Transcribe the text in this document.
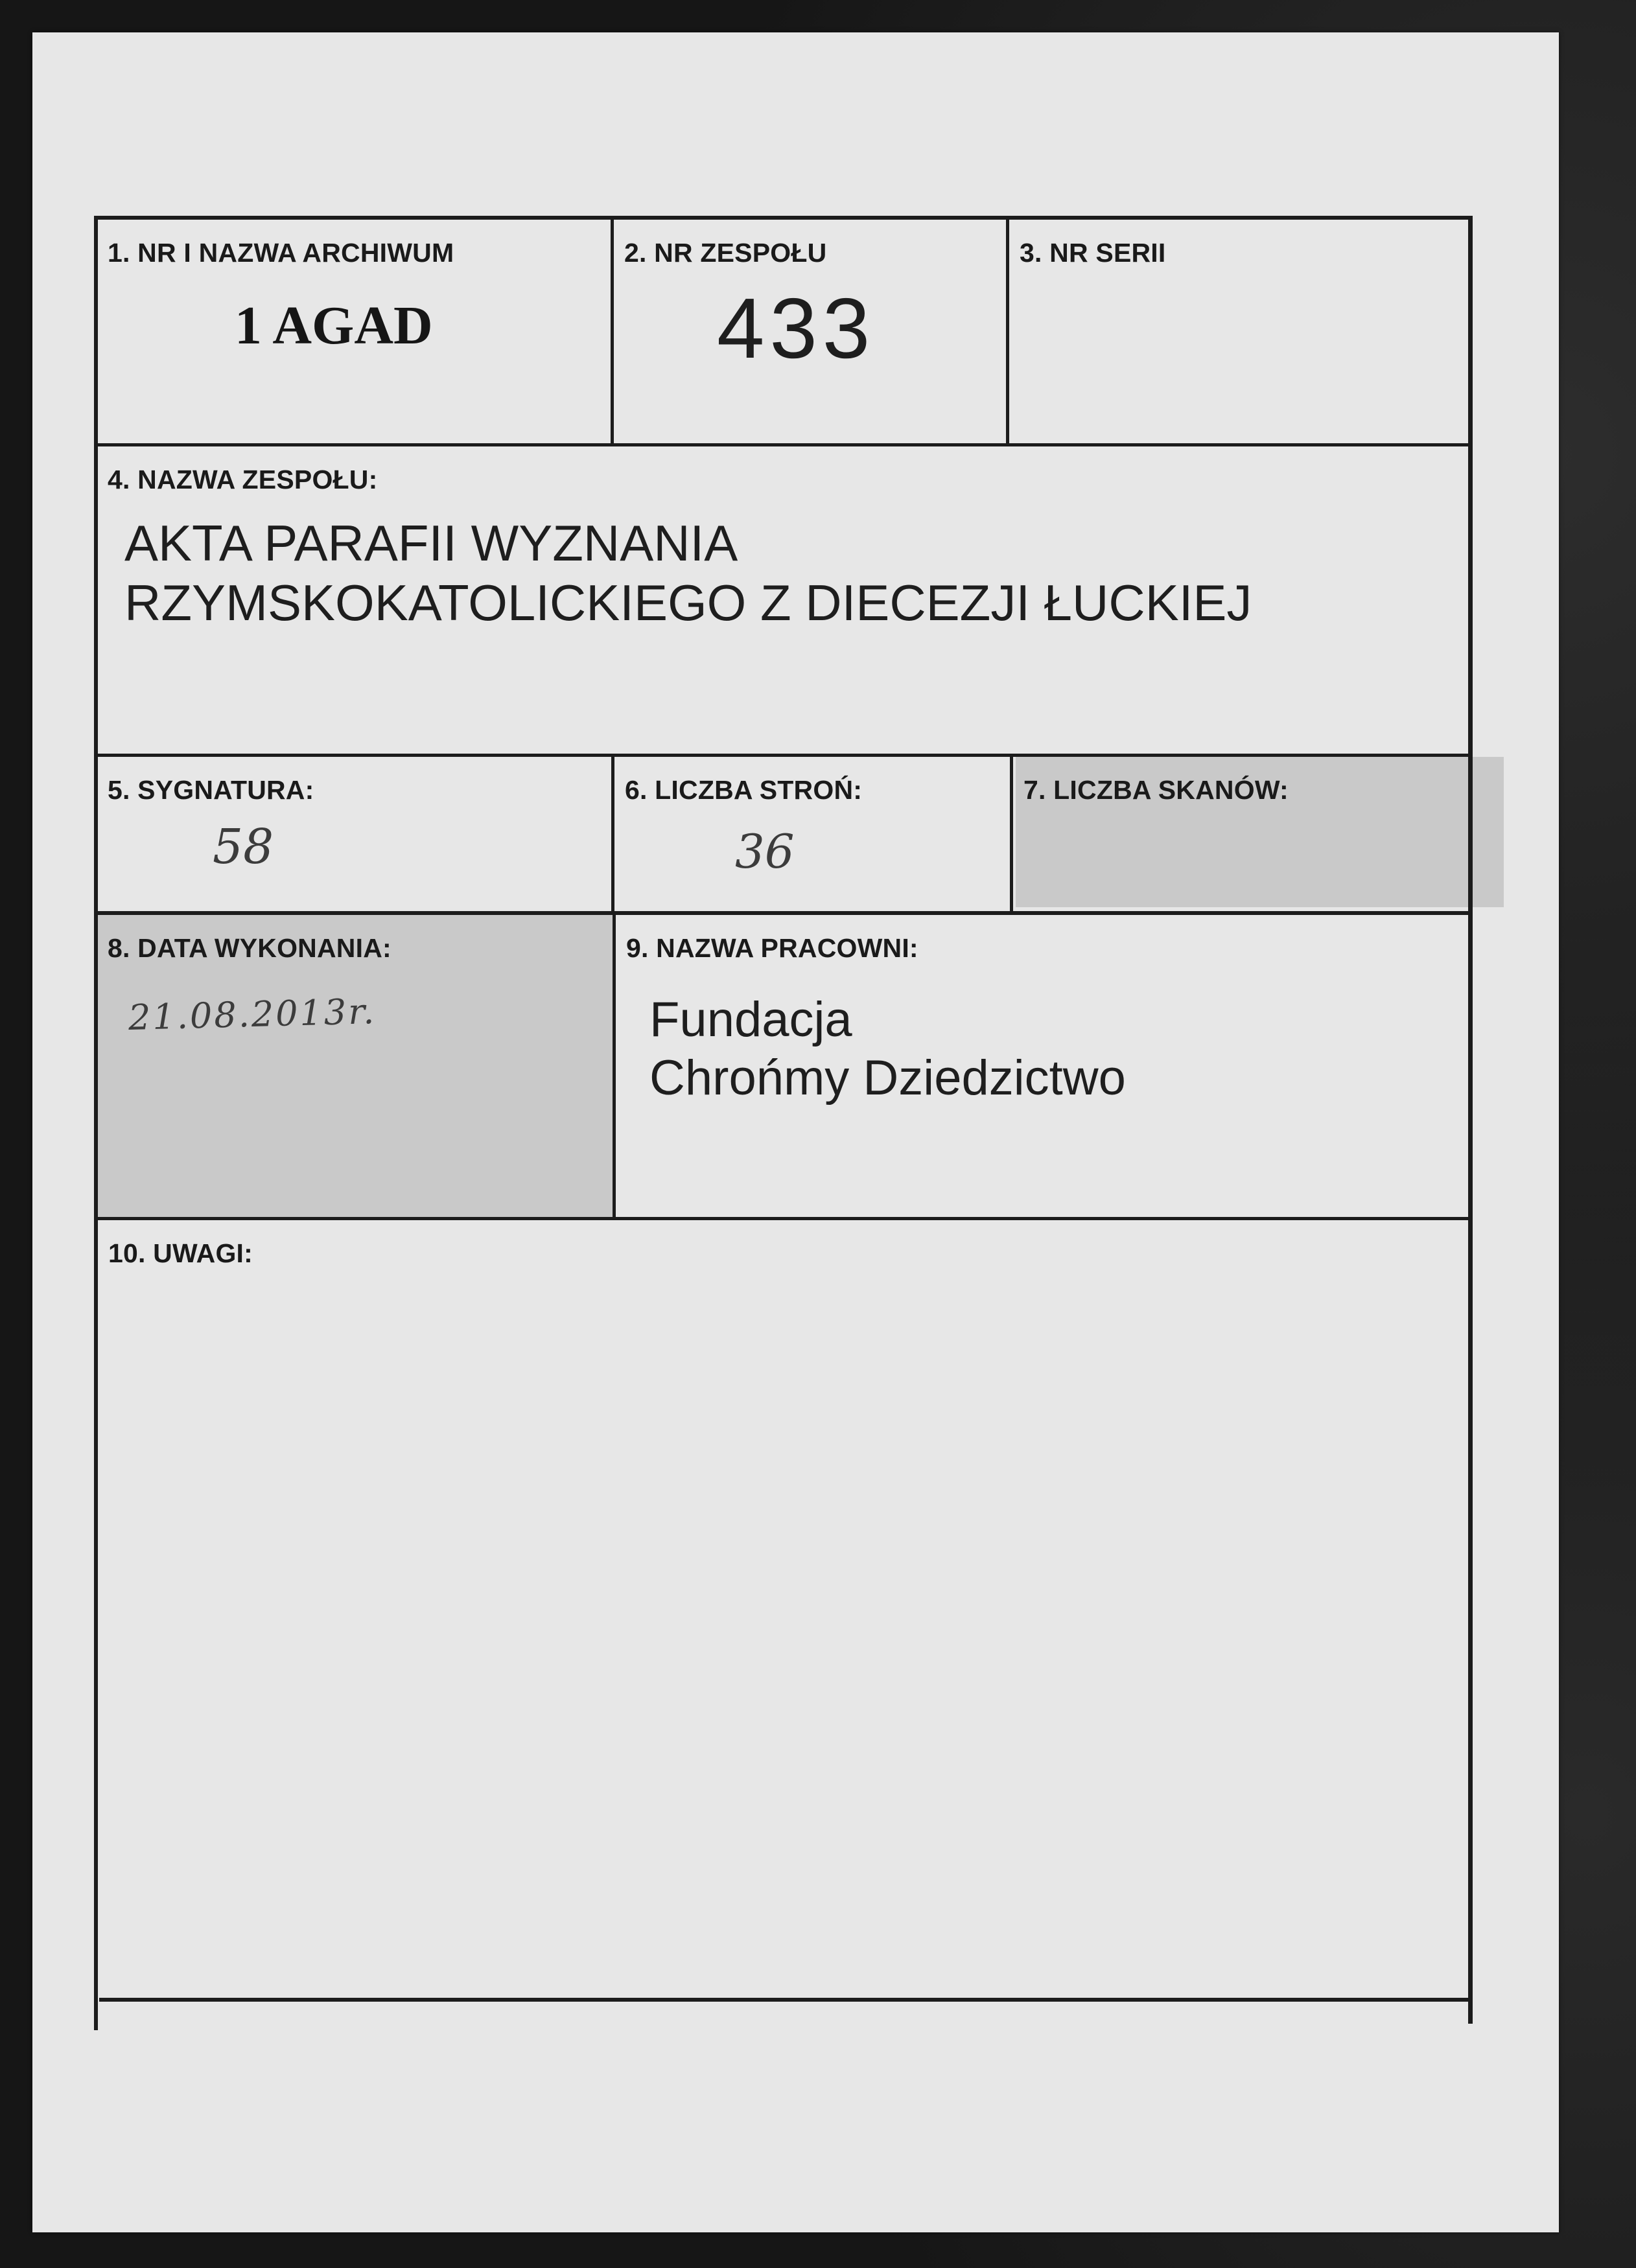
1. NR I NAZWA ARCHIWUM
1 AGAD
2. NR ZESPOŁU
433
3. NR SERII
4. NAZWA ZESPOŁU:
AKTA PARAFII WYZNANIA
RZYMSKOKATOLICKIEGO Z DIECEZJI ŁUCKIEJ
5. SYGNATURA:
58
6. LICZBA STROŃ:
36
7. LICZBA SKANÓW:
8. DATA WYKONANIA:
21.08.2013r.
9. NAZWA PRACOWNI:
Fundacja
Chrońmy Dziedzictwo
10. UWAGI:
